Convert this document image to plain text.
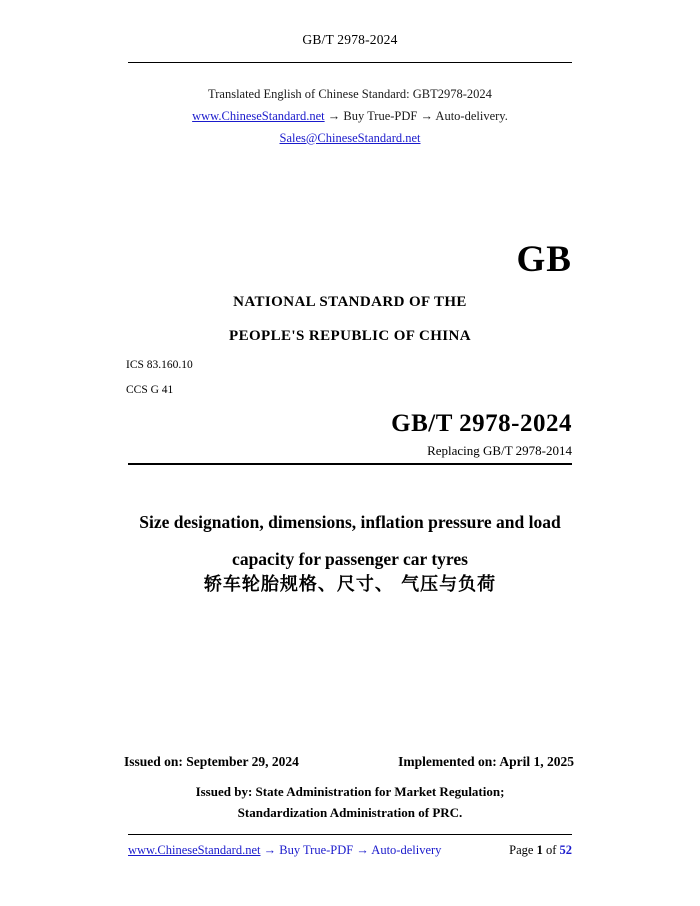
GB/T 2978-2024
Translated English of Chinese Standard: GBT2978-2024
www.ChineseStandard.net → Buy True-PDF → Auto-delivery.
Sales@ChineseStandard.net
GB
NATIONAL STANDARD OF THE
PEOPLE'S REPUBLIC OF CHINA
ICS 83.160.10
CCS G 41
GB/T 2978-2024
Replacing GB/T 2978-2014
Size designation, dimensions, inflation pressure and load
capacity for passenger car tyres
轿车轮胎规格、尺寸、 气压与负荷
Issued on: September 29, 2024	Implemented on: April 1, 2025
Issued by: State Administration for Market Regulation;
Standardization Administration of PRC.
www.ChineseStandard.net → Buy True-PDF → Auto-delivery	Page 1 of 52
